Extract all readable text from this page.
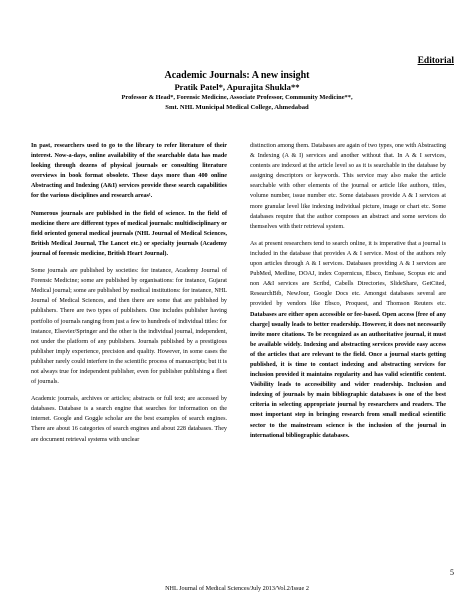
Editorial
Academic Journals: A new insight
Pratik Patel*, Apurajita Shukla**
Professor & Head*, Forensic Medicine, Associate Professor, Community Medicine**,
Smt. NHL Municipal Medical College, Ahmedabad

In past, researchers used to go to the library to refer literature of their interest. Now-a-days, online availability of the searchable data has made looking through dozens of physical journals or consulting literature overviews in book format obsolete. These days more than 400 online Abstracting and Indexing (A&I) services provide these search capabilities for the various disciplines and research areas¹.

Numerous journals are published in the field of science. In the field of medicine there are different types of medical journals: multidisciplinary or field oriented general medical journals (NHL Journal of Medical Sciences, British Medical Journal, The Lancet etc.) or specialty journals (Academy journal of forensic medicine, British Heart Journal).

Some journals are published by societies: for instance, Academy Journal of Forensic Medicine; some are published by organisations: for instance, Gujarat Medical journal; some are published by medical institutions: for instance, NHL Journal of Medical Sciences, and then there are some that are published by publishers. There are two types of publishers. One includes publisher having portfolio of journals ranging from just a few to hundreds of individual titles: for instance, Elsevier/Springer and the other is the individual journal, independent, not under the platform of any publishers. Journals published by a prestigious publisher imply experience, precision and quality. However, in some cases the publisher rarely could interfere in the scientific process of manuscripts; but it is not always true for independent publisher, even for publisher publishing a fleet of journals.

Academic journals, archives or articles; abstracts or full text; are accessed by databases. Database is a search engine that searches for information on the internet. Google and Goggle scholar are the best examples of search engines. There are about 16 categories of search engines and about 228 databases. They are document retrieval systems with unclear

distinction among them. Databases are again of two types, one with Abstracting & Indexing (A & I) services and another without that. In A & I services, contents are indexed at the article level so as it is searchable in the database by assigning descriptors or keywords. This service may also make the article searchable with other elements of the journal or article like authors, titles, volume number, issue number etc. Some databases provide A & I services at more granular level like indexing individual picture, image or chart etc. Some databases require that the author composes an abstract and some services do themselves with their retrieval system.

As at present researchers tend to search online, it is imperative that a journal is included in the database that provides A & I service. Most of the authors rely upon articles through A & I services. Databases providing A & I services are PubMed, Medline, DOAJ, index Copernicus, Ebsco, Embase, Scopus etc and non A&I services are Scribd, Cabells Directories, SlideShare, GetCited, ResearchBib, NewJour, Google Docs etc. Amongst databases several are provided by vendors like Ebsco, Proquest, and Thomson Reuters etc. Databases are either open accessible or fee-based. Open access [free of any charge] usually leads to better readership. However, it does not necessarily invite more citations. To be recognized as an authoritative journal, it must be available widely. Indexing and abstracting services provide easy access of the articles that are relevant to the field. Once a journal starts getting published, it is time to contact indexing and abstracting services for inclusion provided it maintains regularity and has valid scientific content. Visibility leads to accessibility and wider readership. Inclusion and indexing of journals by main bibliographic databases is one of the best criteria in selecting appropriate journal by researchers and readers. The most important step in bringing research from small medical scientific sector to the mainstream science is the inclusion of the journal in international bibliographic databases.

5
NHL Journal of Medical Sciences/July 2013/Vol.2/Issue 2
